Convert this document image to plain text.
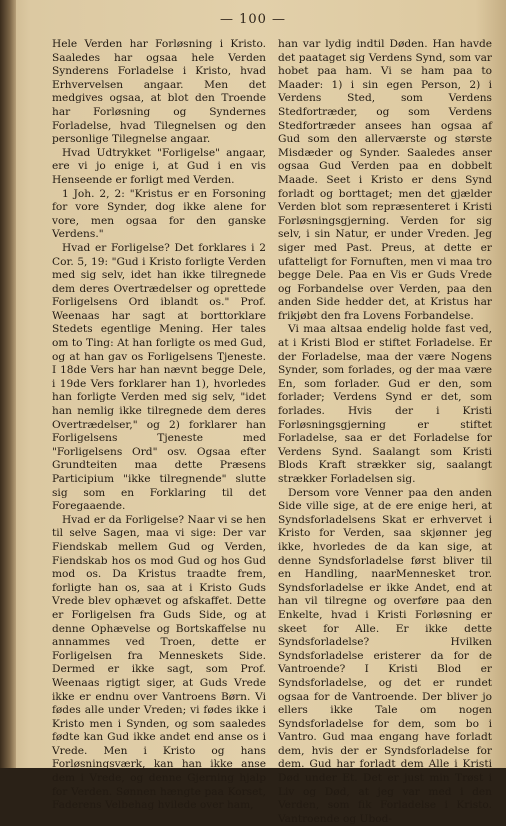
— 100 —

Hele Verden har Forløsning i Kristo. Saaledes har ogsaa hele Verden Synderens Forladelse i Kristo, hvad Erhvervelsen angaar. Men det medgives ogsaa, at blot den Troende har Forløsning og Syndernes Forladelse, hvad Tilegnelsen og den personlige Tilegnelse angaar.

Hvad Udtrykket "Forligelse" angaar, ere vi jo enige i, at Gud i en vis Henseende er forligt med Verden.

1 Joh. 2, 2: "Kristus er en Forsoning for vore Synder, dog ikke alene for vore, men ogsaa for den ganske Verdens."

Hvad er Forligelse? Det forklares i 2 Cor. 5, 19: "Gud i Kristo forligte Verden med sig selv, idet han ikke tilregnede dem deres Overtrædelser og oprettede Forligelsens Ord iblandt os." Prof. Weenaas har sagt at borttorklare Stedets egentlige Mening. Her tales om to Ting: At han forligte os med Gud, og at han gav os Forligelsens Tjeneste. I 18de Vers har han nævnt begge Dele, i 19de Vers forklarer han 1), hvorledes han forligte Verden med sig selv, "idet han nemlig ikke tilregnede dem deres Overtrædelser," og 2) forklarer han Forligelsens Tjeneste med "Forligelsens Ord" osv. Ogsaa efter Grundteiten maa dette Præsens Participium "ikke tilregnende" slutte sig som en Forklaring til det Foregaaende.

Hvad er da Forligelse? Naar vi se hen til selve Sagen, maa vi sige: Der var Fiendskab mellem Gud og Verden, Fiendskab hos os mod Gud og hos Gud mod os. Da Kristus traadte frem, forligte han os, saa at i Kristo Guds Vrede blev ophævet og afskaffet. Dette er Forligelsen fra Guds Side, og at denne Ophævelse og Bortskaffelse nu annammes ved Troen, dette er Forligelsen fra Menneskets Side. Dermed er ikke sagt, som Prof. Weenaas rigtigt siger, at Guds Vrede ikke er endnu over Vantroens Børn. Vi fødes alle under Vreden; vi fødes ikke i Kristo men i Synden, og som saaledes fødte kan Gud ikke andet end anse os i Vrede. Men i Kristo og hans Forløsningsværk, kan han ikke anse dem i Vrede, og denne Gjerning hjalp for Verden. Sønnen hængte paa Korset, Faderens Velbehag hvilede over ham,

han var lydig indtil Døden. Han havde det paataget sig Verdens Synd, som var hobet paa ham. Vi se ham paa to Maader: 1) i sin egen Person, 2) i Verdens Sted, som Verdens Stedfortræder, og som Verdens Stedfortræder ansees han ogsaa af Gud som den allerværste og største Misdæder og Synder. Saaledes anser ogsaa Gud Verden paa en dobbelt Maade. Seet i Kristo er dens Synd forladt og borttaget; men det gjælder Verden blot som repræsenteret i Kristi Forløsningsgjerning. Verden for sig selv, i sin Natur, er under Vreden. Jeg siger med Past. Preus, at dette er ufatteligt for Fornuften, men vi maa tro begge Dele. Paa en Vis er Guds Vrede og Forbandelse over Verden, paa den anden Side hedder det, at Kristus har frikjøbt den fra Lovens Forbandelse.

Vi maa altsaa endelig holde fast ved, at i Kristi Blod er stiftet Forladelse. Er der Forladelse, maa der være Nogens Synder, som forlades, og der maa være En, som forlader. Gud er den, som forlader; Verdens Synd er det, som forlades. Hvis der i Kristi Forløsningsgjerning er stiftet Forladelse, saa er det Forladelse for Verdens Synd. Saalangt som Kristi Blods Kraft strækker sig, saalangt strækker Forladelsen sig.

Dersom vore Venner paa den anden Side ville sige, at de ere enige heri, at Syndsforladelsens Skat er erhvervet i Kristo for Verden, saa skjønner jeg ikke, hvorledes de da kan sige, at denne Syndsforladelse først bliver til en Handling, naarMennesket tror. Syndsforladelse er ikke Andet, end at han vil tilregne og overføre paa den Enkelte, hvad i Kristi Forløsning er skeet for Alle. Er ikke dette Syndsforladelse? Hvilken Syndsforladelse eristerer da for de Vantroende? I Kristi Blod er Syndsforladelse, og det er rundet ogsaa for de Vantroende. Der bliver jo ellers ikke Tale om nogen Syndsforladelse for dem, som bo i Vantro. Gud maa engang have forladt dem, hvis der er Syndsforladelse for dem. Gud har forladt dem Alle i Kristi Død under Et. Det er just min Trøst i Liv og Død, at jeg var med i den Verden, som fik Forladelse i Kristo. Vantroende og Ubod-
